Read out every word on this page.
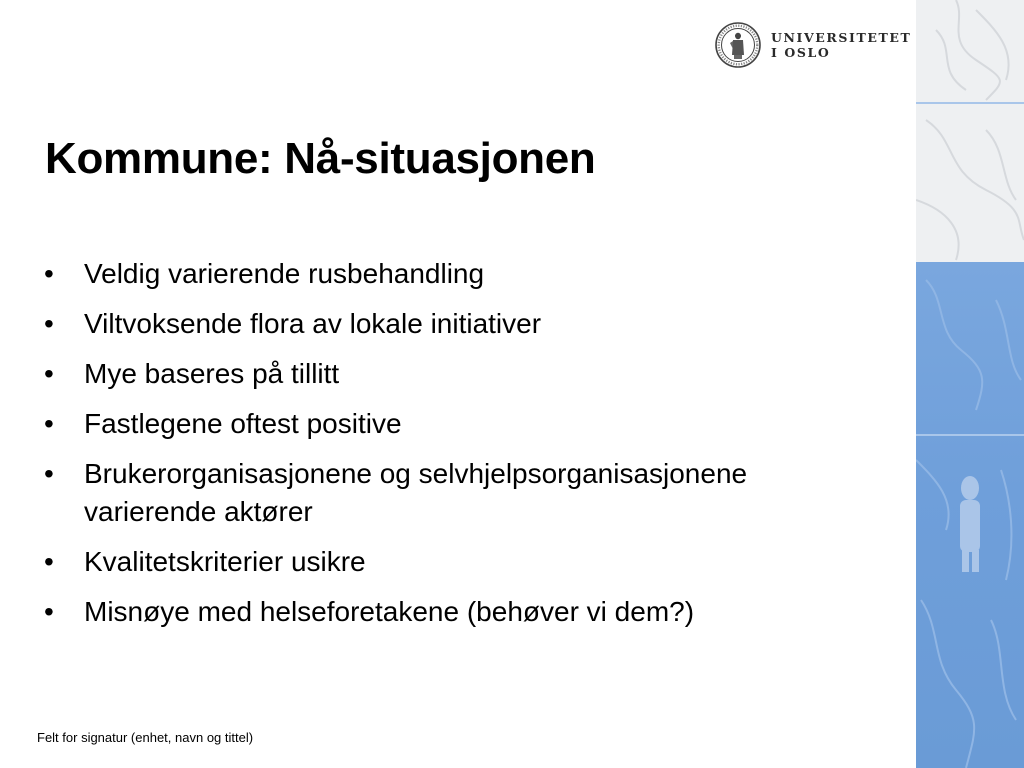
UNIVERSITETET
I OSLO
Kommune: Nå-situasjonen
•	Veldig varierende rusbehandling
•	Viltvoksende flora av lokale initiativer
•	Mye baseres på tillitt
•	Fastlegene oftest positive
•	Brukerorganisasjonene og selvhjelpsorganisasjonene varierende aktører
•	Kvalitetskriterier usikre
•	Misnøye med helseforetakene (behøver vi dem?)
Felt for signatur (enhet, navn og tittel)
